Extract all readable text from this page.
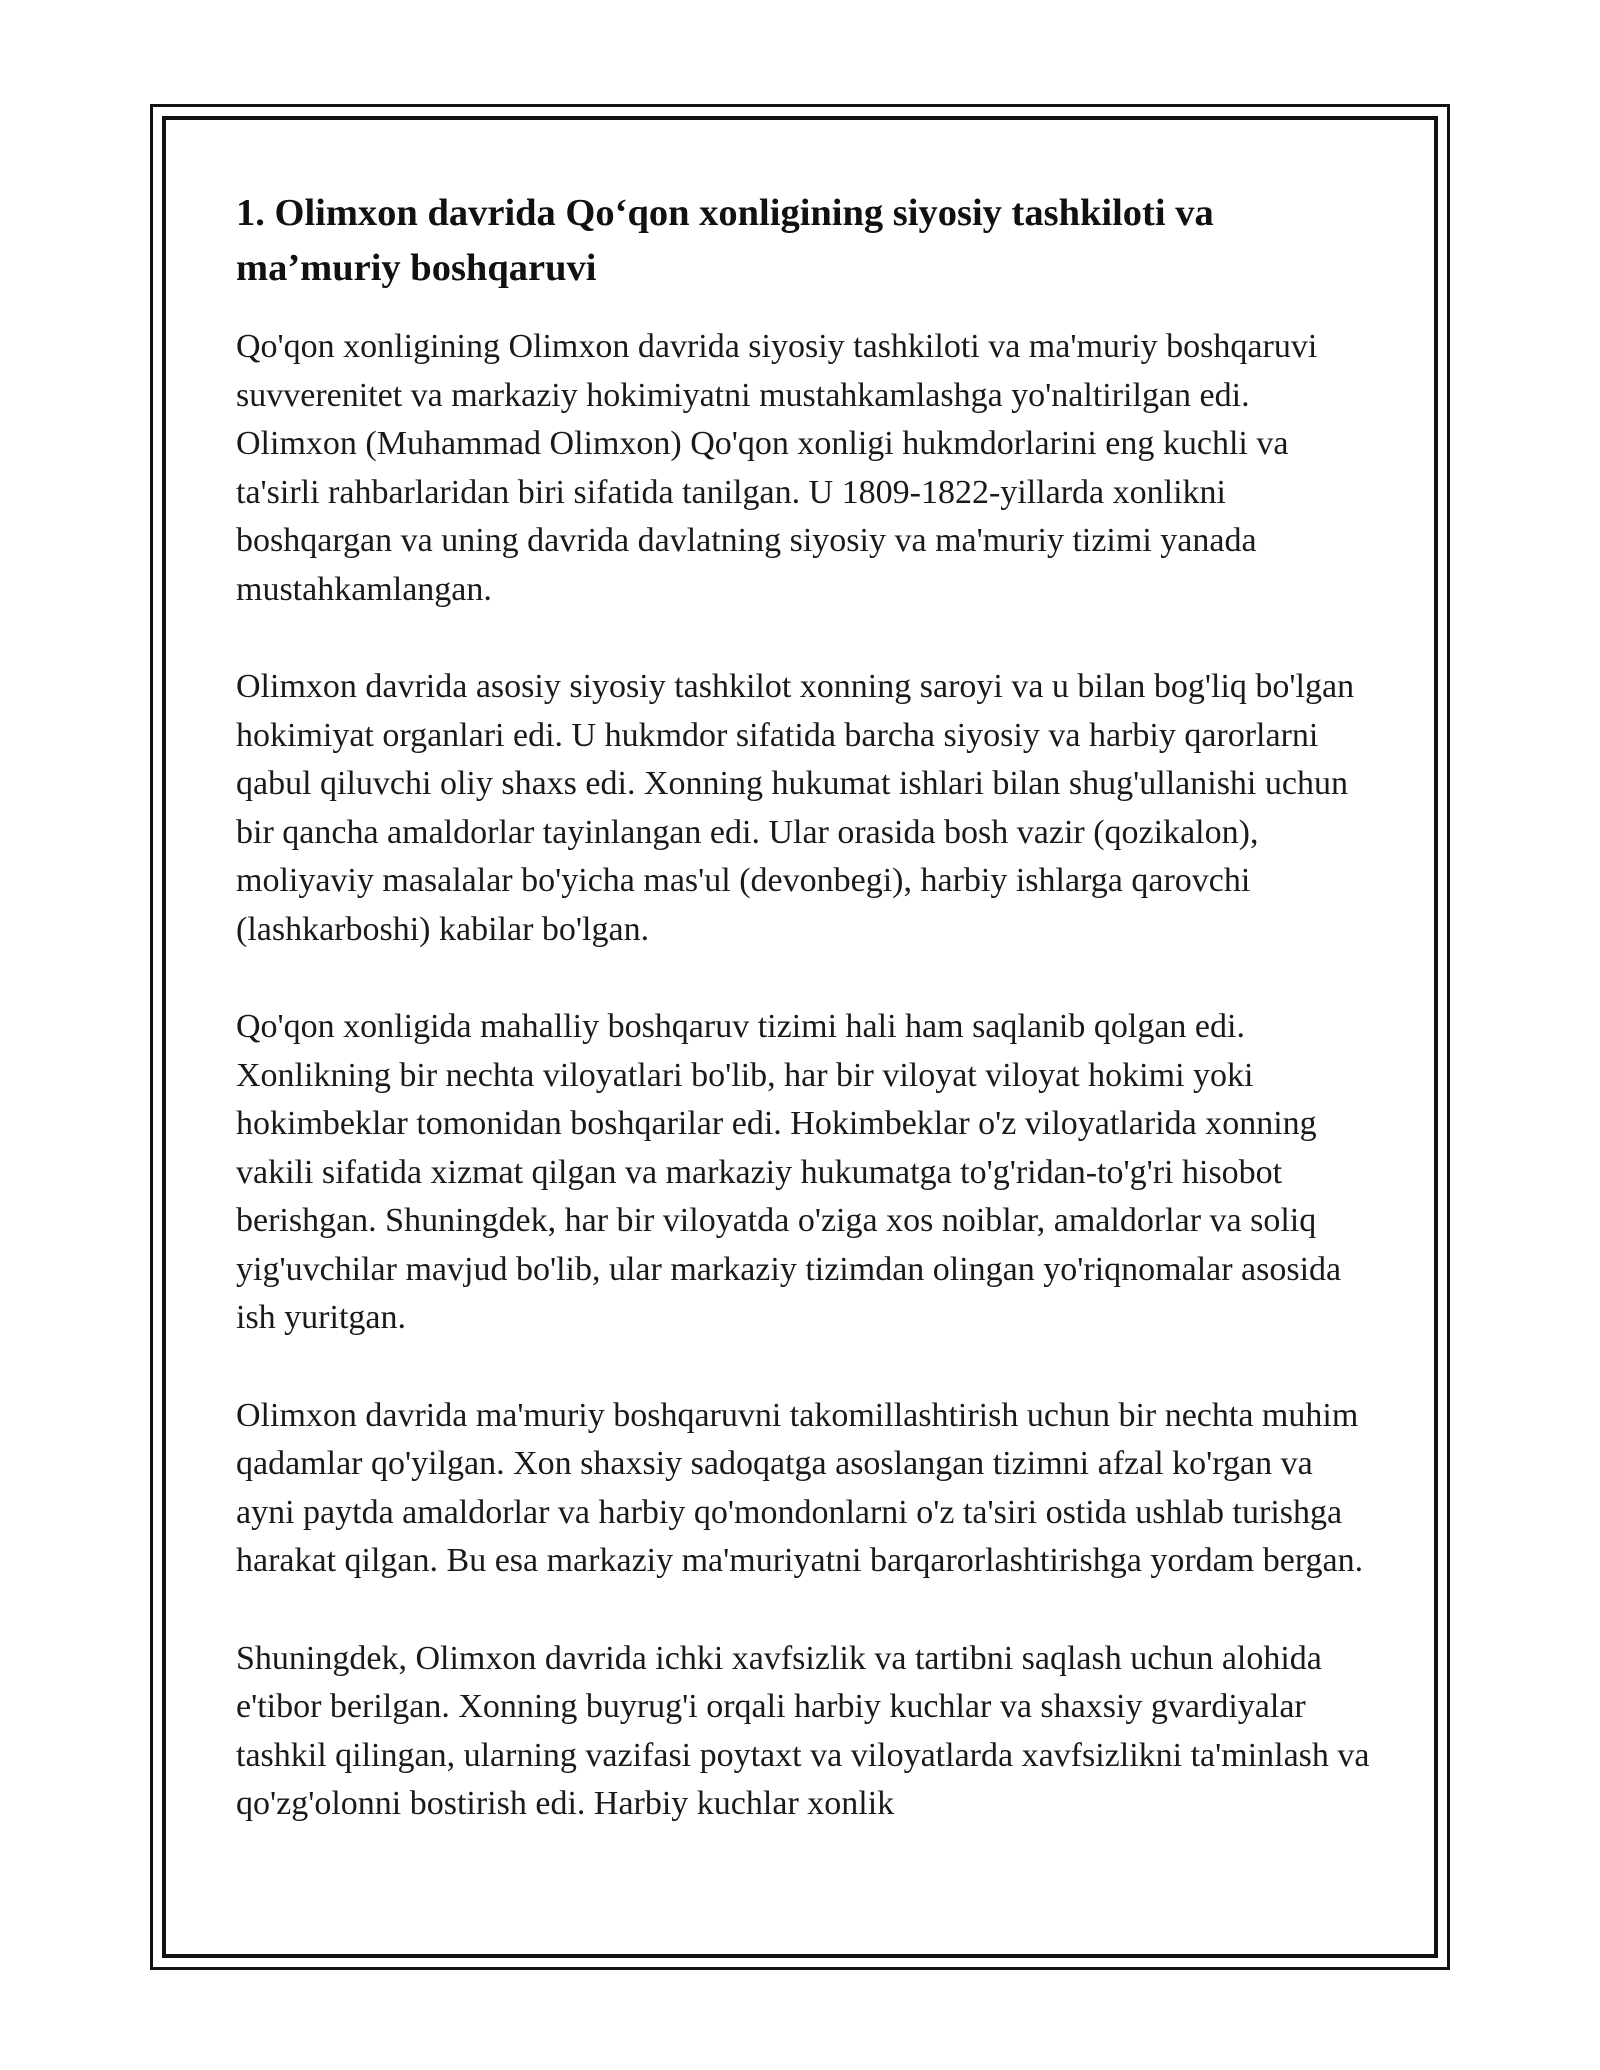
1. Olimxon davrida Qo‘qon xonligining siyosiy tashkiloti va ma’muriy boshqaruvi

Qo'qon xonligining Olimxon davrida siyosiy tashkiloti va ma'muriy boshqaruvi suvverenitet va markaziy hokimiyatni mustahkamlashga yo'naltirilgan edi. Olimxon (Muhammad Olimxon) Qo'qon xonligi hukmdorlarini eng kuchli va ta'sirli rahbarlaridan biri sifatida tanilgan. U 1809-1822-yillarda xonlikni boshqargan va uning davrida davlatning siyosiy va ma'muriy tizimi yanada mustahkamlangan.

Olimxon davrida asosiy siyosiy tashkilot xonning saroyi va u bilan bog'liq bo'lgan hokimiyat organlari edi. U hukmdor sifatida barcha siyosiy va harbiy qarorlarni qabul qiluvchi oliy shaxs edi. Xonning hukumat ishlari bilan shug'ullanishi uchun bir qancha amaldorlar tayinlangan edi. Ular orasida bosh vazir (qozikalon), moliyaviy masalalar bo'yicha mas'ul (devonbegi), harbiy ishlarga qarovchi (lashkarboshi) kabilar bo'lgan.

Qo'qon xonligida mahalliy boshqaruv tizimi hali ham saqlanib qolgan edi. Xonlikning bir nechta viloyatlari bo'lib, har bir viloyat viloyat hokimi yoki hokimbeklar tomonidan boshqarilar edi. Hokimbeklar o'z viloyatlarida xonning vakili sifatida xizmat qilgan va markaziy hukumatga to'g'ridan-to'g'ri hisobot berishgan. Shuningdek, har bir viloyatda o'ziga xos noiblar, amaldorlar va soliq yig'uvchilar mavjud bo'lib, ular markaziy tizimdan olingan yo'riqnomalar asosida ish yuritgan.

Olimxon davrida ma'muriy boshqaruvni takomillashtirish uchun bir nechta muhim qadamlar qo'yilgan. Xon shaxsiy sadoqatga asoslangan tizimni afzal ko'rgan va ayni paytda amaldorlar va harbiy qo'mondonlarni o'z ta'siri ostida ushlab turishga harakat qilgan. Bu esa markaziy ma'muriyatni barqarorlashtirishga yordam bergan.

Shuningdek, Olimxon davrida ichki xavfsizlik va tartibni saqlash uchun alohida e'tibor berilgan. Xonning buyrug'i orqali harbiy kuchlar va shaxsiy gvardiyalar tashkil qilingan, ularning vazifasi poytaxt va viloyatlarda xavfsizlikni ta'minlash va qo'zg'olonni bostirish edi. Harbiy kuchlar xonlik
